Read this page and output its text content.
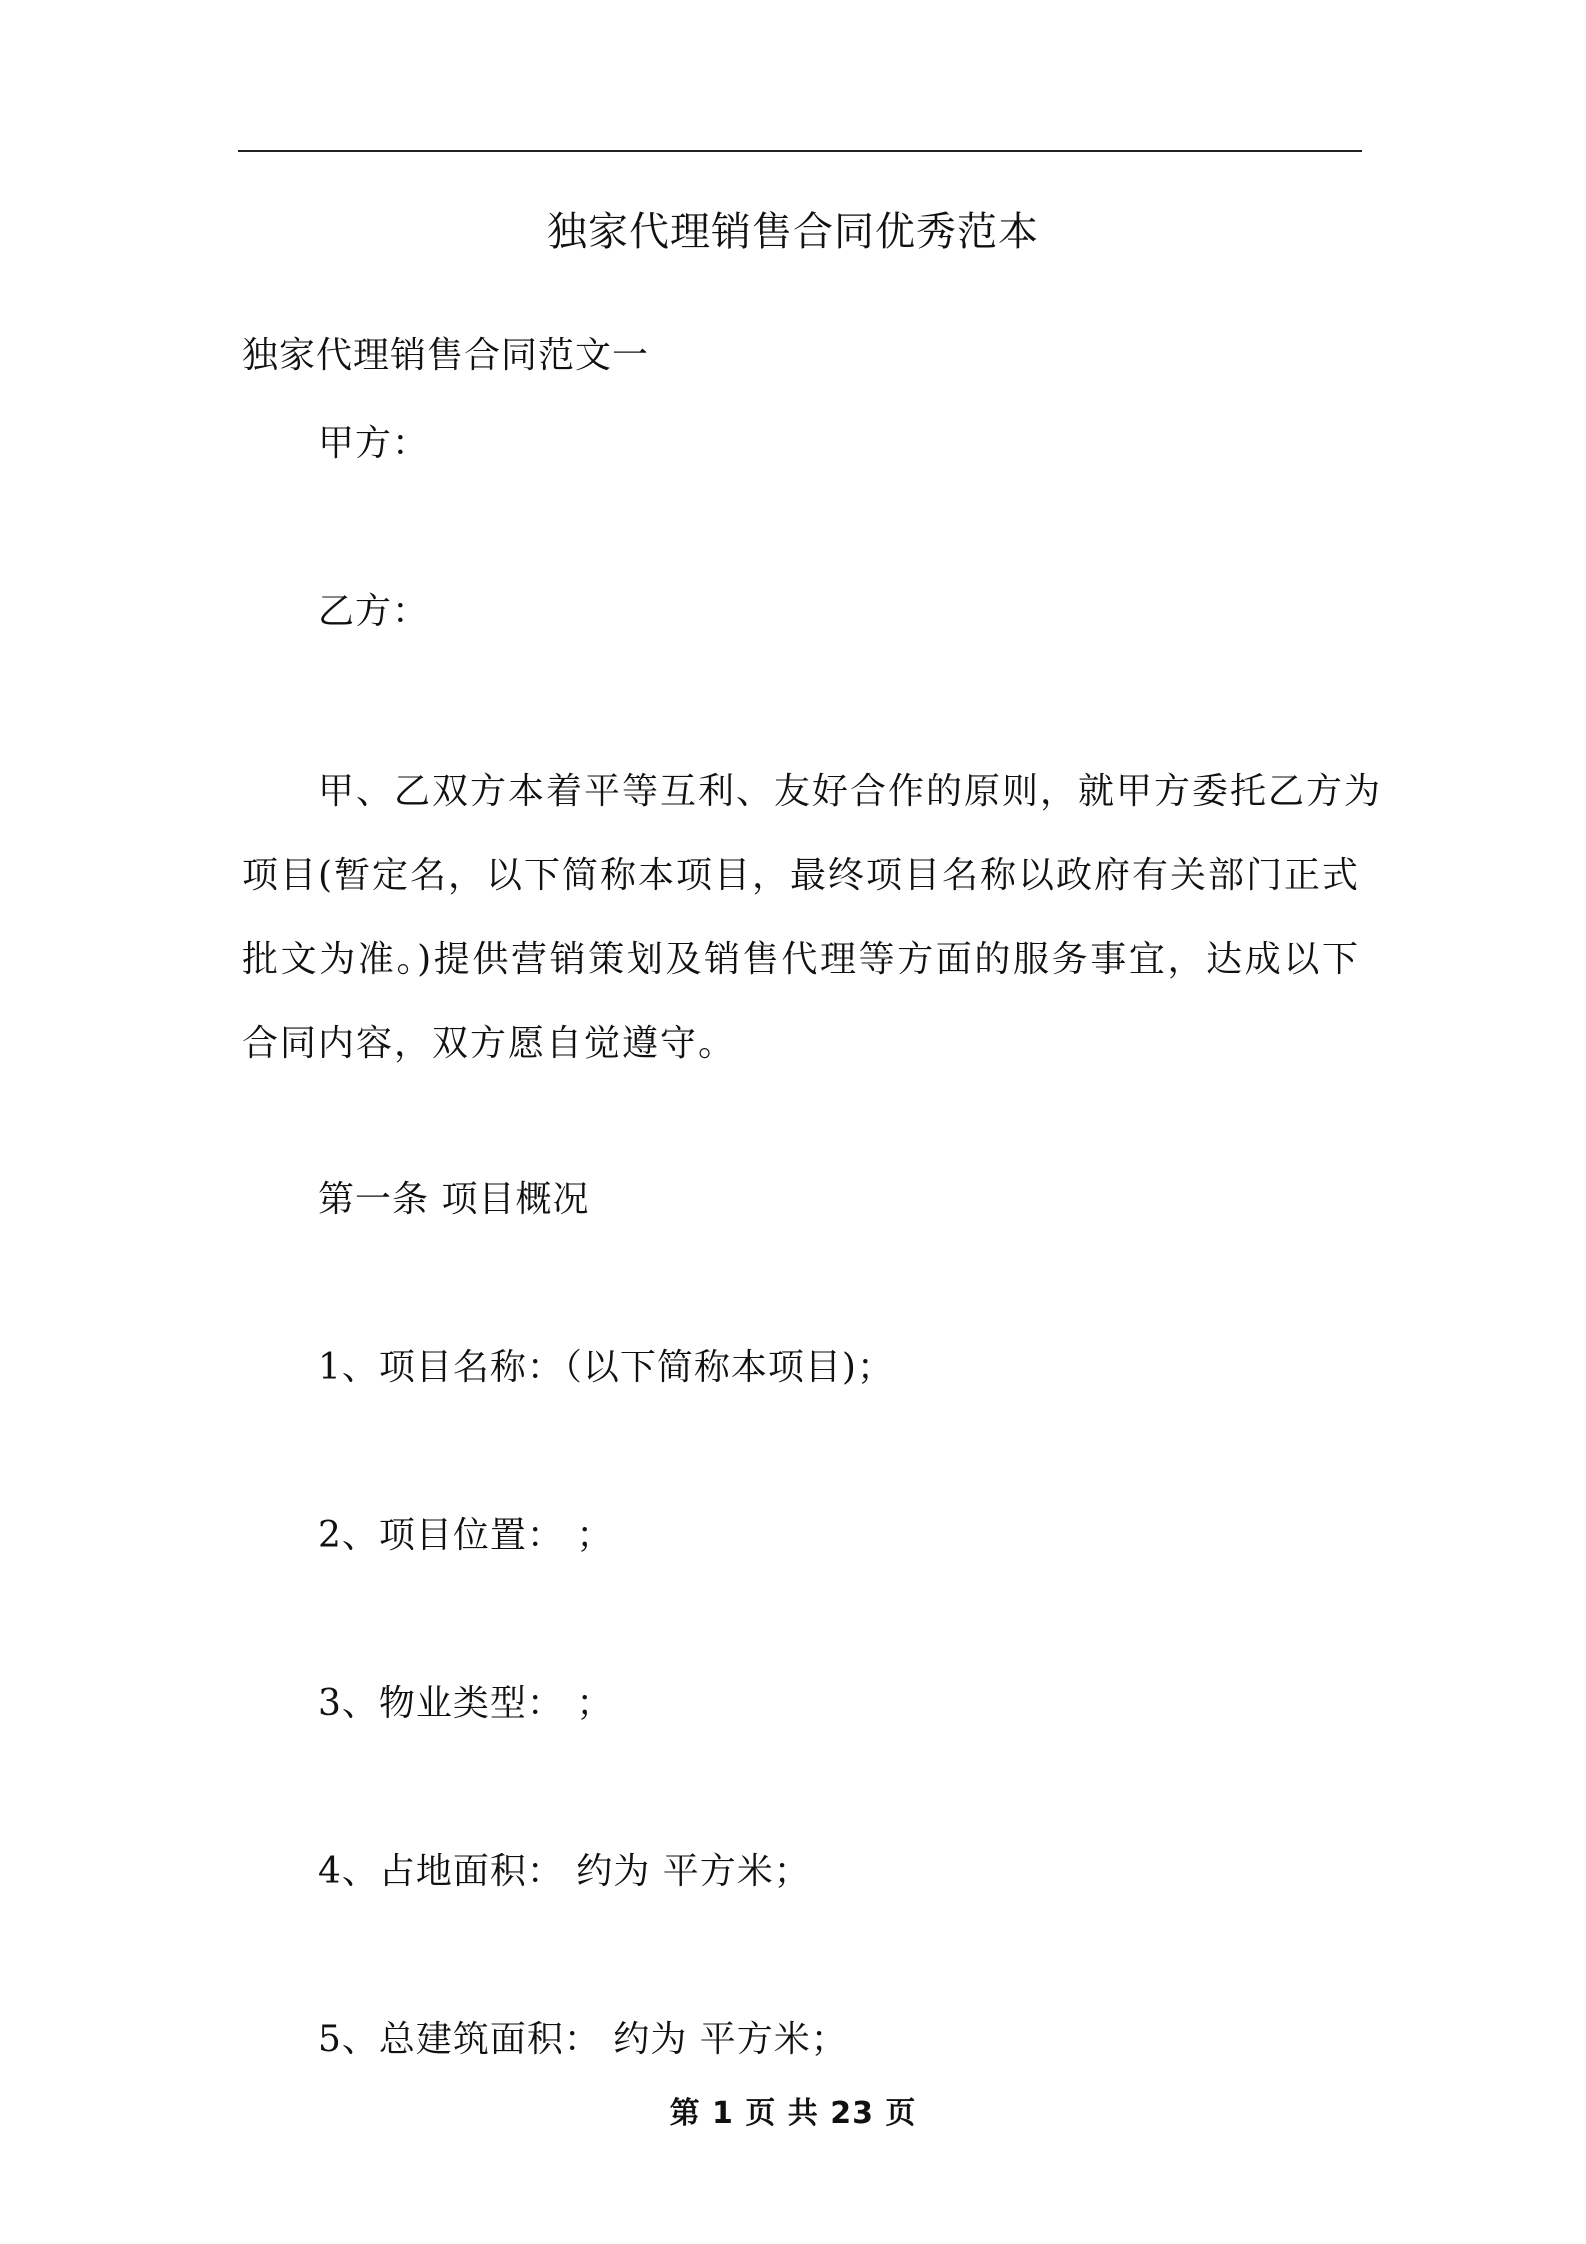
独家代理销售合同优秀范本
独家代理销售合同范文一
甲方：
乙方：
甲、乙双方本着平等互利、友好合作的原则，就甲方委托乙方为
项目(暂定名，以下简称本项目，最终项目名称以政府有关部门正式
批文为准。)提供营销策划及销售代理等方面的服务事宜，达成以下
合同内容，双方愿自觉遵守。
第一条 项目概况
1、项目名称：（以下简称本项目)；
2、项目位置： ；
3、物业类型： ；
4、占地面积： 约为 平方米；
5、总建筑面积： 约为 平方米；
第 1 页 共 23 页
